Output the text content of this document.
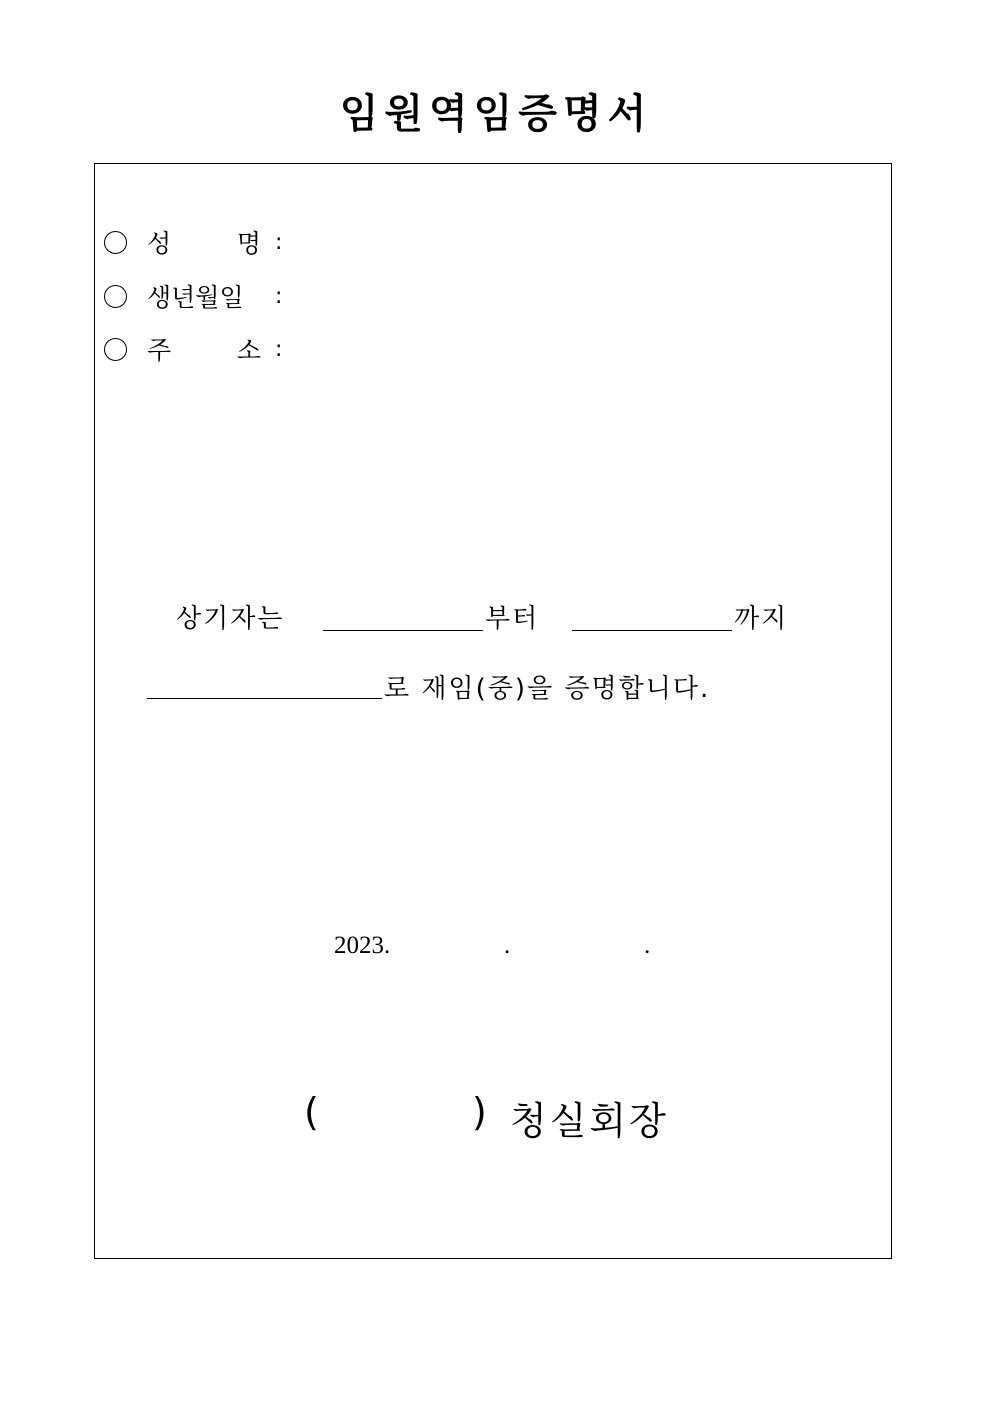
임원역임증명서
성	명 :
생년월일 :
주	소 :
상기자는	부터	까지
로 재임(중)을 증명합니다.
2023.	.	.
(	) 청실회장
